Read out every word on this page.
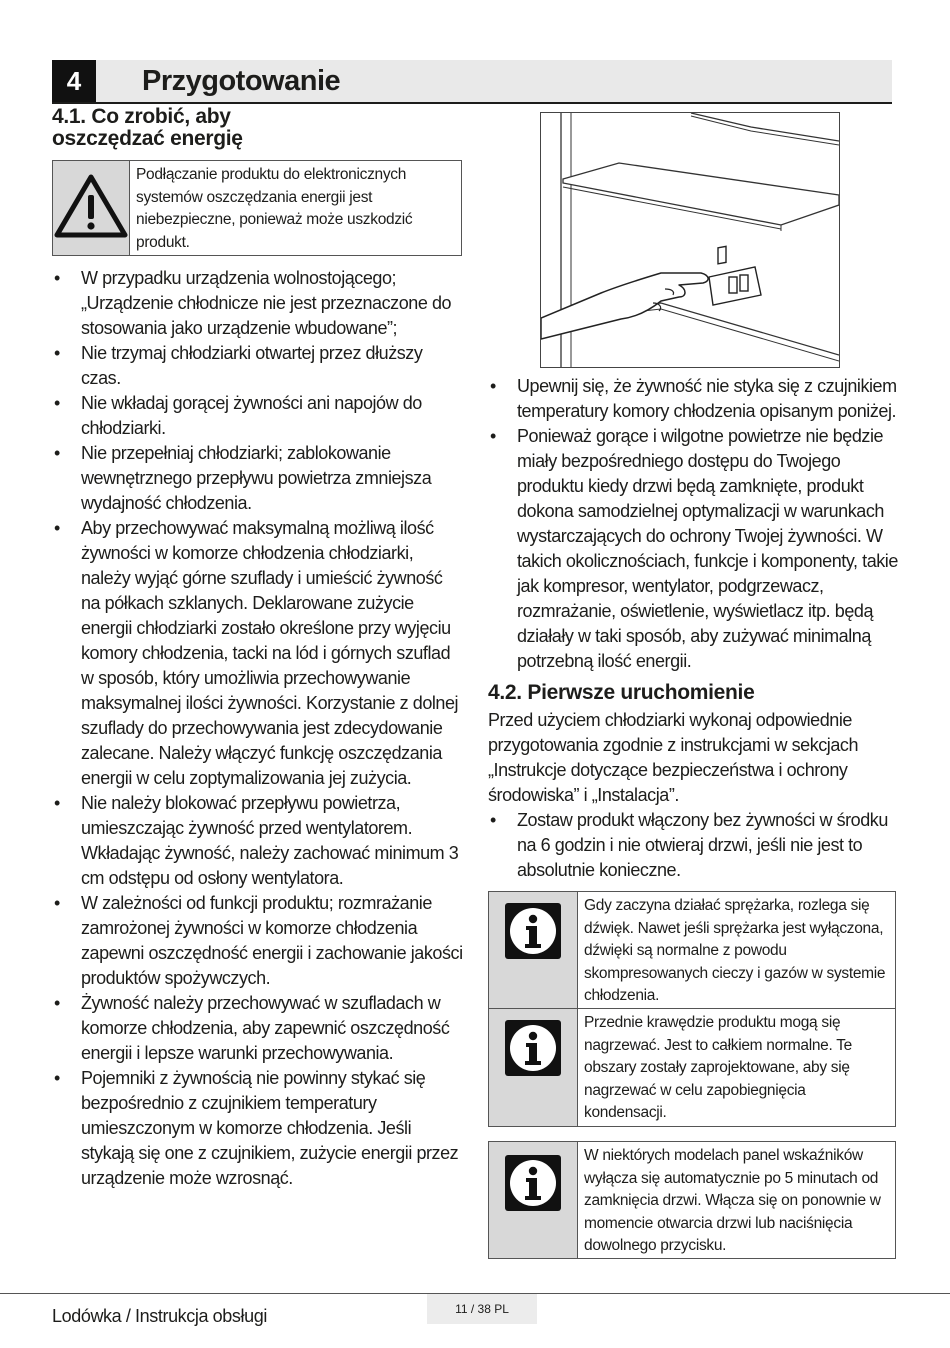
4	Przygotowanie
4.1. Co zrobić, aby
oszczędzać energię
Podłączanie produktu do elektronicznych systemów oszczędzania energii jest niebezpieczne, ponieważ może uszkodzić produkt.
• W przypadku urządzenia wolnostojącego; „Urządzenie chłodnicze nie jest przeznaczone do stosowania jako urządzenie wbudowane”;
• Nie trzymaj chłodziarki otwartej przez dłuższy czas.
• Nie wkładaj gorącej żywności ani napojów do chłodziarki.
• Nie przepełniaj chłodziarki; zablokowanie wewnętrznego przepływu powietrza zmniejsza wydajność chłodzenia.
• Aby przechowywać maksymalną możliwą ilość żywności w komorze chłodzenia chłodziarki, należy wyjąć górne szuflady i umieścić żywność na półkach szklanych. Deklarowane zużycie energii chłodziarki zostało określone przy wyjęciu komory chłodzenia, tacki na lód i górnych szuflad w sposób, który umożliwia przechowywanie maksymalnej ilości żywności. Korzystanie z dolnej szuflady do przechowywania jest zdecydowanie zalecane. Należy włączyć funkcję oszczędzania energii w celu zoptymalizowania jej zużycia.
• Nie należy blokować przepływu powietrza, umieszczając żywność przed wentylatorem. Wkładając żywność, należy zachować minimum 3 cm odstępu od osłony wentylatora.
• W zależności od funkcji produktu; rozmrażanie zamrożonej żywności w komorze chłodzenia zapewni oszczędność energii i zachowanie jakości produktów spożywczych.
• Żywność należy przechowywać w szufladach w komorze chłodzenia, aby zapewnić oszczędność energii i lepsze warunki przechowywania.
• Pojemniki z żywnością nie powinny stykać się bezpośrednio z czujnikiem temperatury umieszczonym w komorze chłodzenia. Jeśli stykają się one z czujnikiem, zużycie energii przez urządzenie może wzrosnąć.
• Upewnij się, że żywność nie styka się z czujnikiem temperatury komory chłodzenia opisanym poniżej.
• Ponieważ gorące i wilgotne powietrze nie będzie miały bezpośredniego dostępu do Twojego produktu kiedy drzwi będą zamknięte, produkt dokona samodzielnej optymalizacji w warunkach wystarczających do ochrony Twojej żywności. W takich okolicznościach, funkcje i komponenty, takie jak kompresor, wentylator, podgrzewacz, rozmrażanie, oświetlenie, wyświetlacz itp. będą działały w taki sposób, aby zużywać minimalną potrzebną ilość energii.
4.2. Pierwsze uruchomienie
Przed użyciem chłodziarki wykonaj odpowiednie przygotowania zgodnie z instrukcjami w sekcjach „Instrukcje dotyczące bezpieczeństwa i ochrony środowiska” i „Instalacja”.
• Zostaw produkt włączony bez żywności w środku na 6 godzin i nie otwieraj drzwi, jeśli nie jest to absolutnie konieczne.
Gdy zaczyna działać sprężarka, rozlega się dźwięk. Nawet jeśli sprężarka jest wyłączona, dźwięki są normalne z powodu skompresowanych cieczy i gazów w systemie chłodzenia.
Przednie krawędzie produktu mogą się nagrzewać. Jest to całkiem normalne. Te obszary zostały zaprojektowane, aby się nagrzewać w celu zapobiegnięcia kondensacji.
W niektórych modelach panel wskaźników wyłącza się automatycznie po 5 minutach od zamknięcia drzwi. Włącza się on ponownie w momencie otwarcia drzwi lub naciśnięcia dowolnego przycisku.
11 / 38 PL
Lodówka / Instrukcja obsługi
